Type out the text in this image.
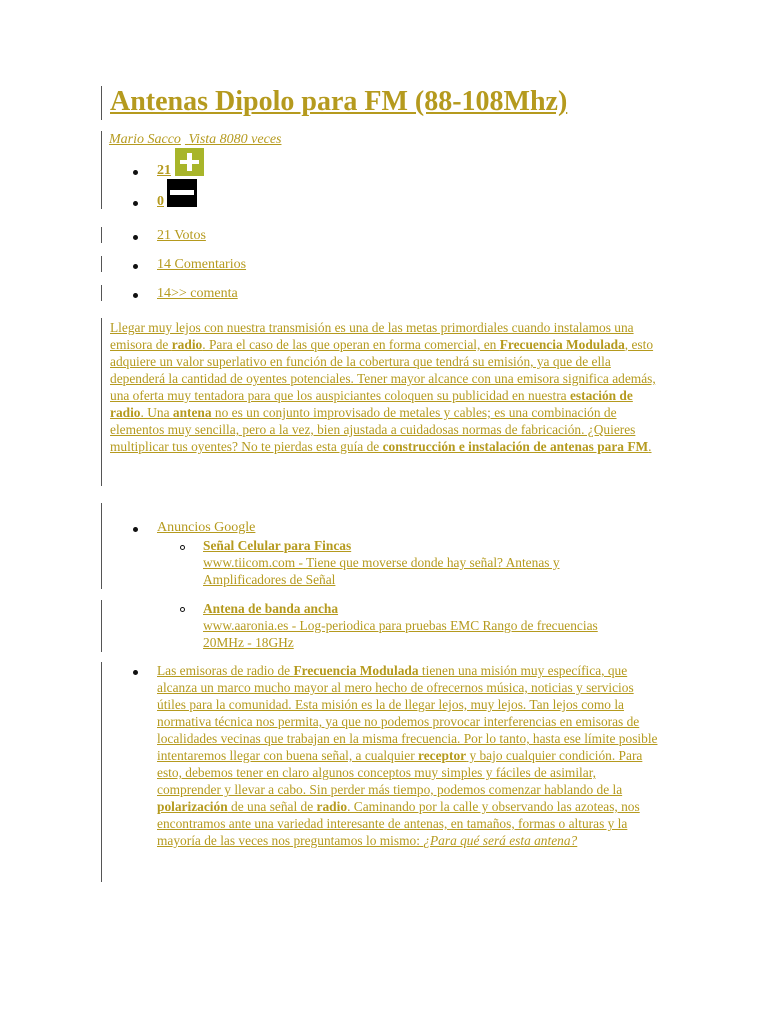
Antenas Dipolo para FM (88-108Mhz)
Mario Sacco Vista 8080 veces
21
0
21 Votos
14 Comentarios
14>> comenta
Llegar muy lejos con nuestra transmisión es una de las metas primordiales cuando instalamos una emisora de radio. Para el caso de las que operan en forma comercial, en Frecuencia Modulada, esto adquiere un valor superlativo en función de la cobertura que tendrá su emisión, ya que de ella dependerá la cantidad de oyentes potenciales. Tener mayor alcance con una emisora significa además, una oferta muy tentadora para que los auspiciantes coloquen su publicidad en nuestra estación de radio. Una antena no es un conjunto improvisado de metales y cables; es una combinación de elementos muy sencilla, pero a la vez, bien ajustada a cuidadosas normas de fabricación. ¿Quieres multiplicar tus oyentes? No te pierdas esta guía de construcción e instalación de antenas para FM.
Anuncios Google
Señal Celular para Fincas
www.tiicom.com - Tiene que moverse donde hay señal? Antenas y Amplificadores de Señal
Antena de banda ancha
www.aaronia.es - Log-periodica para pruebas EMC Rango de frecuencias 20MHz - 18GHz
Las emisoras de radio de Frecuencia Modulada tienen una misión muy específica, que alcanza un marco mucho mayor al mero hecho de ofrecernos música, noticias y servicios útiles para la comunidad. Esta misión es la de llegar lejos, muy lejos. Tan lejos como la normativa técnica nos permita, ya que no podemos provocar interferencias en emisoras de localidades vecinas que trabajan en la misma frecuencia. Por lo tanto, hasta ese límite posible intentaremos llegar con buena señal, a cualquier receptor y bajo cualquier condición. Para esto, debemos tener en claro algunos conceptos muy simples y fáciles de asimilar, comprender y llevar a cabo. Sin perder más tiempo, podemos comenzar hablando de la polarización de una señal de radio. Caminando por la calle y observando las azoteas, nos encontramos ante una variedad interesante de antenas, en tamaños, formas o alturas y la mayoría de las veces nos preguntamos lo mismo: ¿Para qué será esta antena?
